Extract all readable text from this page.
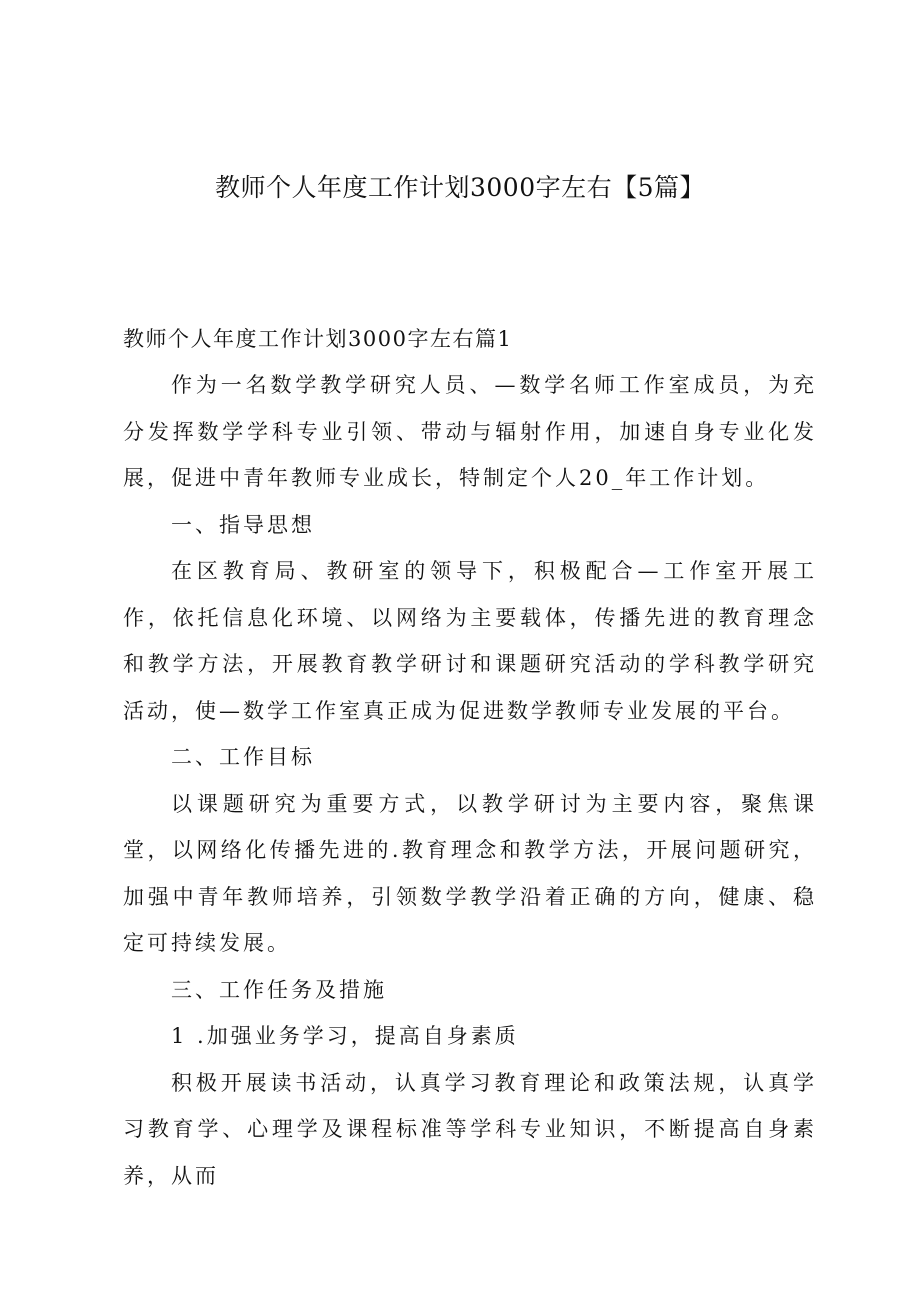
教师个人年度工作计划3000字左右【5篇】

教师个人年度工作计划3000字左右篇1

作为一名数学教学研究人员、—数学名师工作室成员，为充分发挥数学学科专业引领、带动与辐射作用，加速自身专业化发展，促进中青年教师专业成长，特制定个人20_年工作计划。

一、指导思想

在区教育局、教研室的领导下，积极配合—工作室开展工作，依托信息化环境、以网络为主要载体，传播先进的教育理念和教学方法，开展教育教学研讨和课题研究活动的学科教学研究活动，使—数学工作室真正成为促进数学教师专业发展的平台。

二、工作目标

以课题研究为重要方式，以教学研讨为主要内容，聚焦课堂，以网络化传播先进的.教育理念和教学方法，开展问题研究，加强中青年教师培养，引领数学教学沿着正确的方向，健康、稳定可持续发展。

三、工作任务及措施

1 .加强业务学习，提高自身素质

积极开展读书活动，认真学习教育理论和政策法规，认真学习教育学、心理学及课程标准等学科专业知识，不断提高自身素养，从而
